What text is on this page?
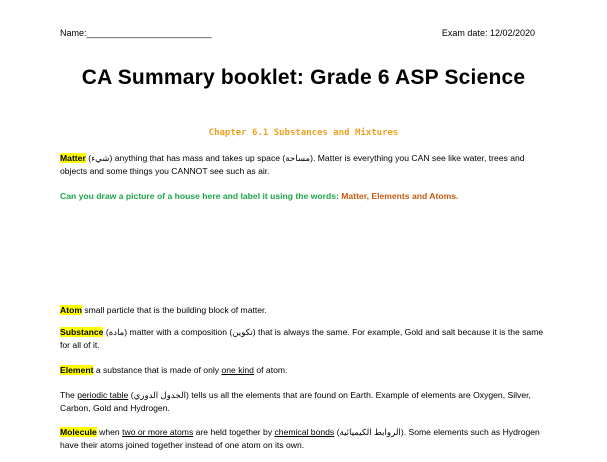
Name:_________________________	Exam date: 12/02/2020
CA Summary booklet: Grade 6 ASP Science
Chapter 6.1 Substances and Mixtures
Matter (شيء) anything that has mass and takes up space (مساحة). Matter is everything you CAN see like water, trees and objects and some things you CANNOT see such as air.
Can you draw a picture of a house here and label it using the words: Matter, Elements and Atoms.
Atom small particle that is the building block of matter.
Substance (مادة) matter with a composition (تكوين) that is always the same. For example, Gold and salt because it is the same for all of it.
Element a substance that is made of only one kind of atom.
The periodic table (الجدول الدوري) tells us all the elements that are found on Earth. Example of elements are Oxygen, Silver, Carbon, Gold and Hydrogen.
Molecule when two or more atoms are held together by chemical bonds (الروابط الكيميائية). Some elements such as Hydrogen have their atoms joined together instead of one atom on its own.
